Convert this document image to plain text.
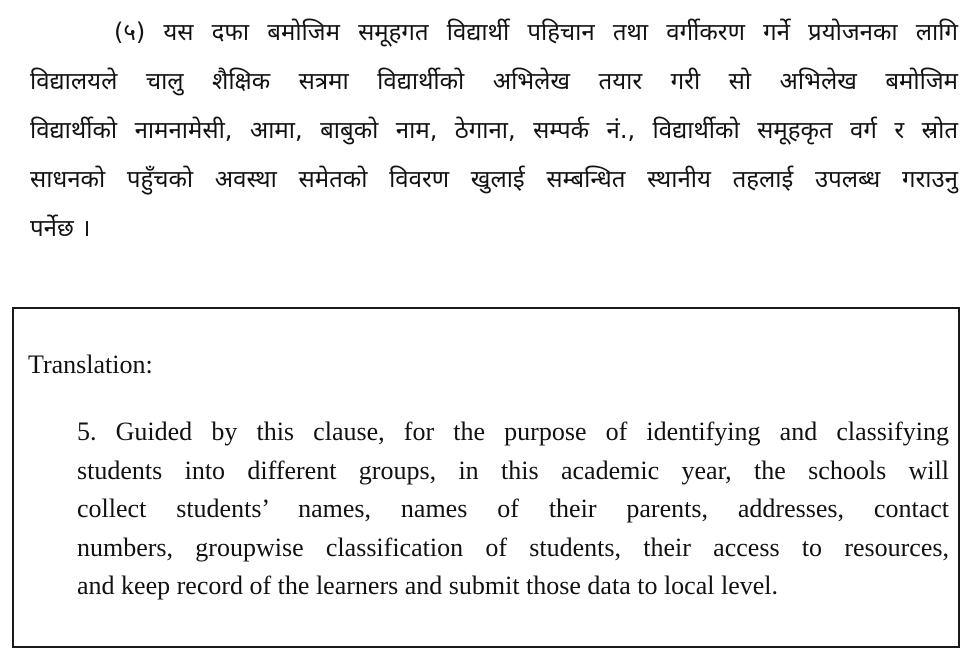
(५) यस दफा बमोजिम समूहगत विद्यार्थी पहिचान तथा वर्गीकरण गर्ने प्रयोजनका लागि
विद्यालयले चालु शैक्षिक सत्रमा विद्यार्थीको अभिलेख तयार गरी सो अभिलेख बमोजिम
विद्यार्थीको नामनामेसी, आमा, बाबुको नाम, ठेगाना, सम्पर्क नं., विद्यार्थीको समूहकृत वर्ग र स्रोत
साधनको पहुँचको अवस्था समेतको विवरण खुलाई सम्बन्धित स्थानीय तहलाई उपलब्ध गराउनु
पर्नेछ ।
Translation:
5. Guided by this clause, for the purpose of identifying and classifying
students into different groups, in this academic year, the schools will
collect students’ names, names of their parents, addresses, contact
numbers, groupwise classification of students, their access to resources,
and keep record of the learners and submit those data to local level.
